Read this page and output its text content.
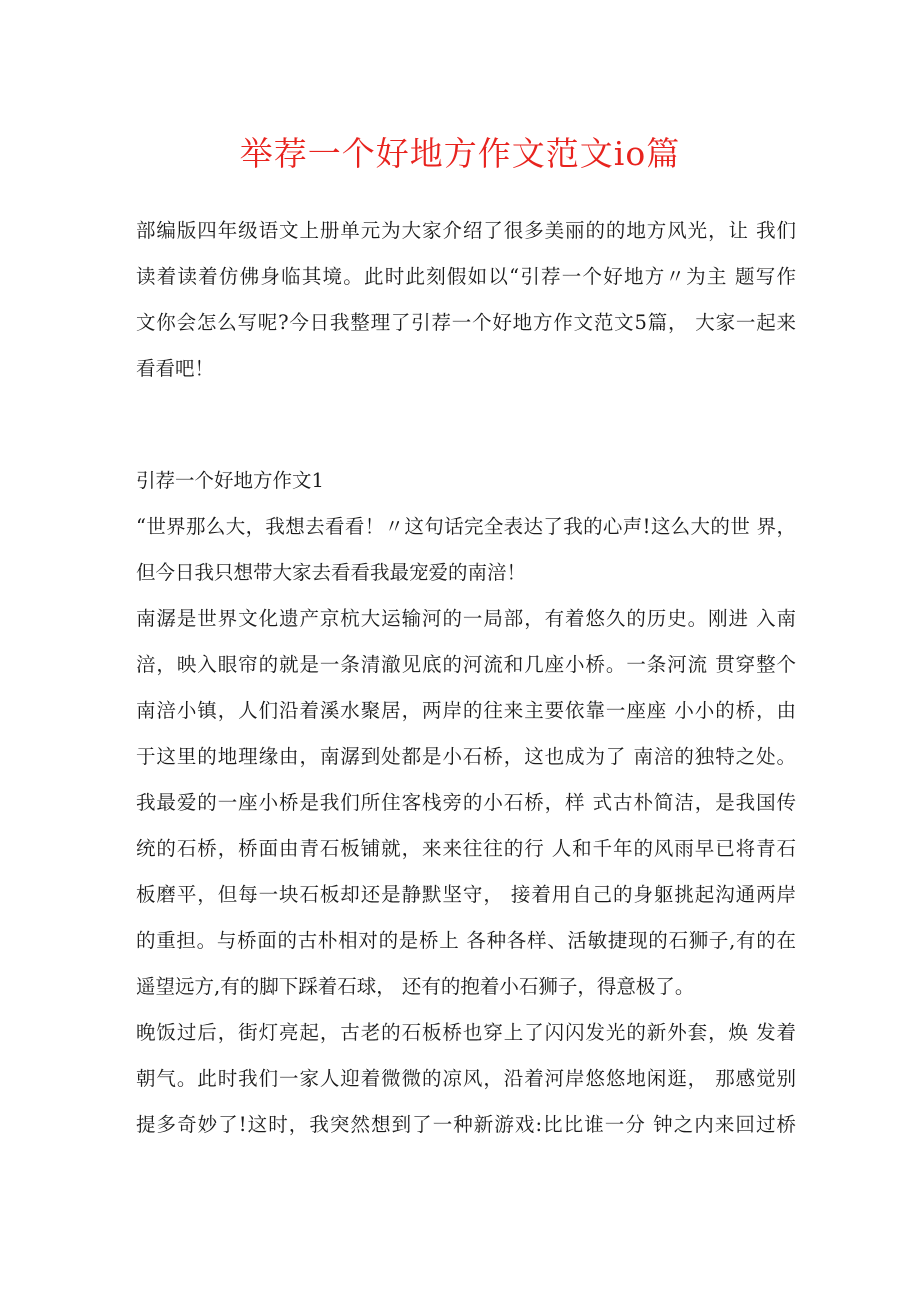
举荐一个好地方作文范文io篇
部编版四年级语文上册单元为大家介绍了很多美丽的的地方风光，让 我们
读着读着仿佛身临其境。此时此刻假如以“引荐一个好地方〃为主 题写作
文你会怎么写呢?今日我整理了引荐一个好地方作文范文5篇， 大家一起来
看看吧！
引荐一个好地方作文1
“世界那么大，我想去看看！〃这句话完全表达了我的心声!这么大的世 界，
但今日我只想带大家去看看我最宠爱的南涪！
南潺是世界文化遗产京杭大运输河的一局部，有着悠久的历史。刚进 入南
涪，映入眼帘的就是一条清澈见底的河流和几座小桥。一条河流 贯穿整个
南涪小镇，人们沿着溪水聚居，两岸的往来主要依靠一座座 小小的桥，由
于这里的地理缘由，南潺到处都是小石桥，这也成为了 南涪的独特之处。
我最爱的一座小桥是我们所住客栈旁的小石桥，样 式古朴简洁，是我国传
统的石桥，桥面由青石板铺就，来来往往的行 人和千年的风雨早已将青石
板磨平，但每一块石板却还是静默坚守， 接着用自己的身躯挑起沟通两岸
的重担。与桥面的古朴相对的是桥上 各种各样、活敏捷现的石狮子,有的在
遥望远方,有的脚下踩着石球， 还有的抱着小石狮子，得意极了。
晚饭过后，街灯亮起，古老的石板桥也穿上了闪闪发光的新外套，焕 发着
朝气。此时我们一家人迎着微微的凉风，沿着河岸悠悠地闲逛， 那感觉别
提多奇妙了!这时，我突然想到了一种新游戏:比比谁一分 钟之内来回过桥
